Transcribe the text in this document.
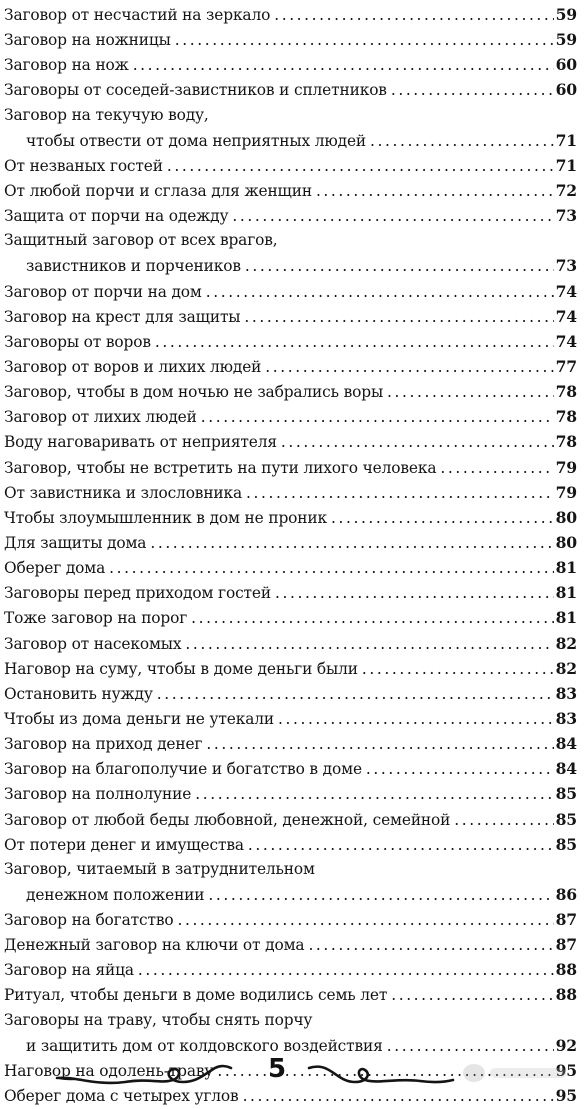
Заговор от несчастий на зеркало .....	59
Заговор на ножницы .....	59
Заговор на нож .....	60
Заговоры от соседей-завистников и сплетников .....	60
Заговор на текучую воду,
чтобы отвести от дома неприятных людей .....	71
От незваных гостей .....	71
От любой порчи и сглаза для женщин .....	72
Защита от порчи на одежду .....	73
Защитный заговор от всех врагов,
завистников и порчеников .....	73
Заговор от порчи на дом .....	74
Заговор на крест для защиты .....	74
Заговоры от воров .....	74
Заговор от воров и лихих людей .....	77
Заговор, чтобы в дом ночью не забрались воры .....	78
Заговор от лихих людей .....	78
Воду наговаривать от неприятеля .....	78
Заговор, чтобы не встретить на пути лихого человека .....	79
От завистника и злословника .....	79
Чтобы злоумышленник в дом не проник .....	80
Для защиты дома .....	80
Оберег дома .....	81
Заговоры перед приходом гостей .....	81
Тоже заговор на порог .....	81
Заговор от насекомых .....	82
Наговор на суму, чтобы в доме деньги были .....	82
Остановить нужду .....	83
Чтобы из дома деньги не утекали .....	83
Заговор на приход денег .....	84
Заговор на благополучие и богатство в доме .....	84
Заговор на полнолуние .....	85
Заговор от любой беды любовной, денежной, семейной .....	85
От потери денег и имущества .....	85
Заговор, читаемый в затруднительном
денежном положении .....	86
Заговор на богатство .....	87
Денежный заговор на ключи от дома .....	87
Заговор на яйца .....	88
Ритуал, чтобы деньги в доме водились семь лет .....	88
Заговоры на траву, чтобы снять порчу
и защитить дом от колдовского воздействия .....	92
Наговор на одолень-траву .....	95
Оберег дома с четырех углов .....	95
5
